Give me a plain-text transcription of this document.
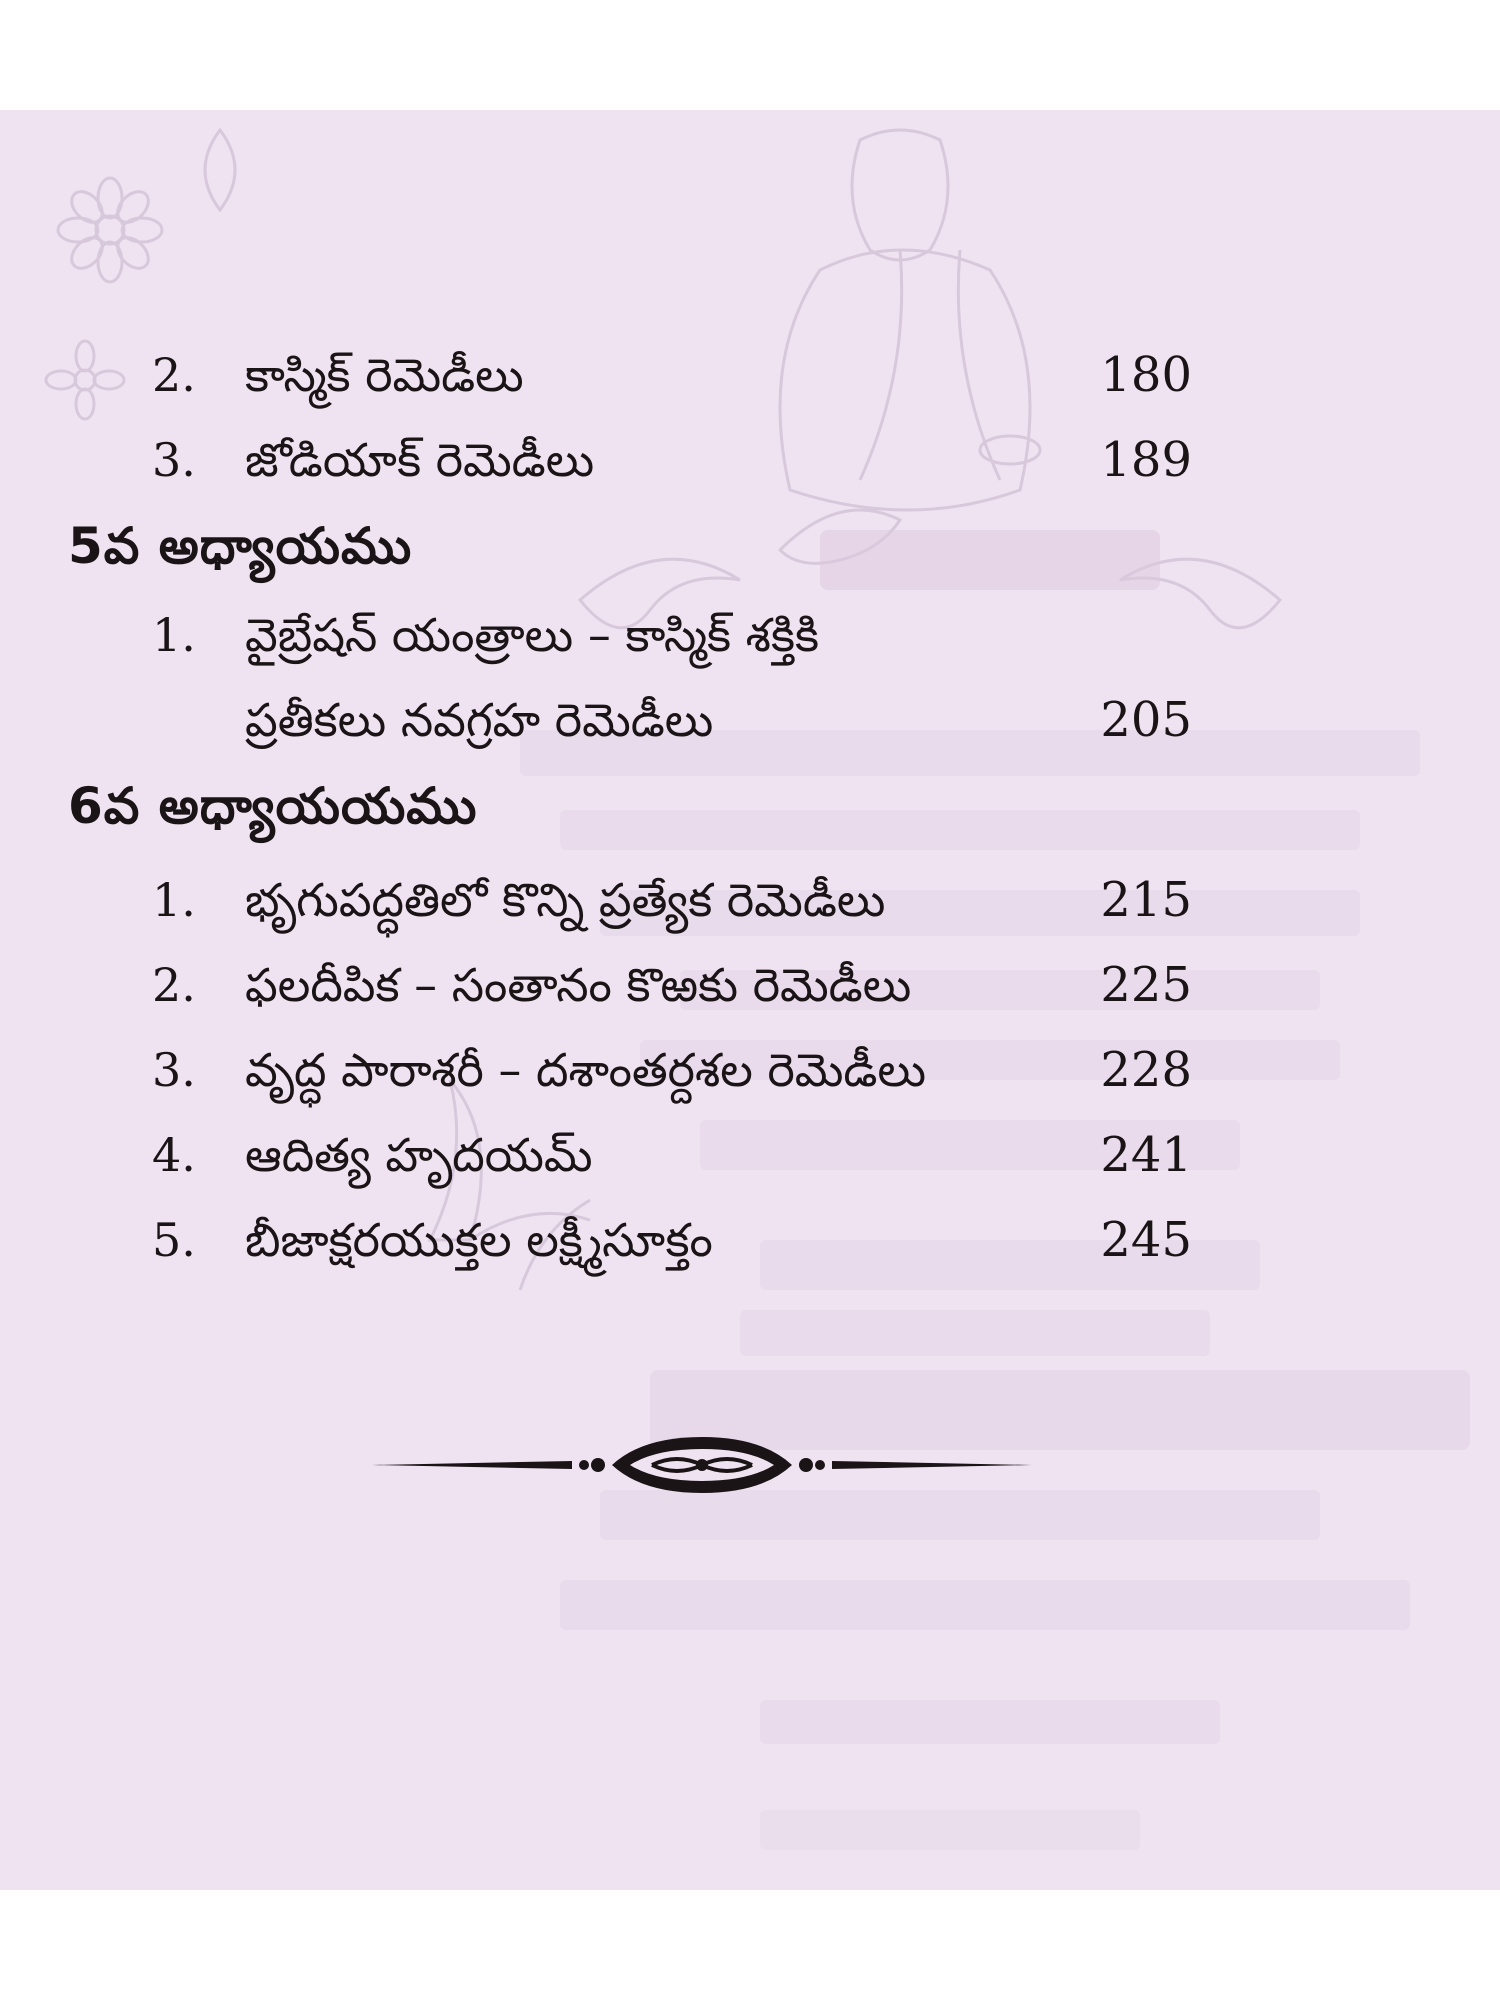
2. కాస్మిక్ రెమెడీలు	180
3. జోడియాక్ రెమెడీలు	189
5వ అధ్యాయము
1. వైబ్రేషన్ యంత్రాలు – కాస్మిక్ శక్తికి
ప్రతీకలు నవగ్రహ రెమెడీలు	205
6వ అధ్యాయయము
1. భృగుపద్ధతిలో కొన్ని ప్రత్యేక రెమెడీలు	215
2. ఫలదీపిక – సంతానం కొఱకు రెమెడీలు	225
3. వృద్ధ పారాశరీ – దశాంతర్దశల రెమెడీలు	228
4. ఆదిత్య హృదయమ్	241
5. బీజాక్షరయుక్తల లక్ష్మీసూక్తం	245
